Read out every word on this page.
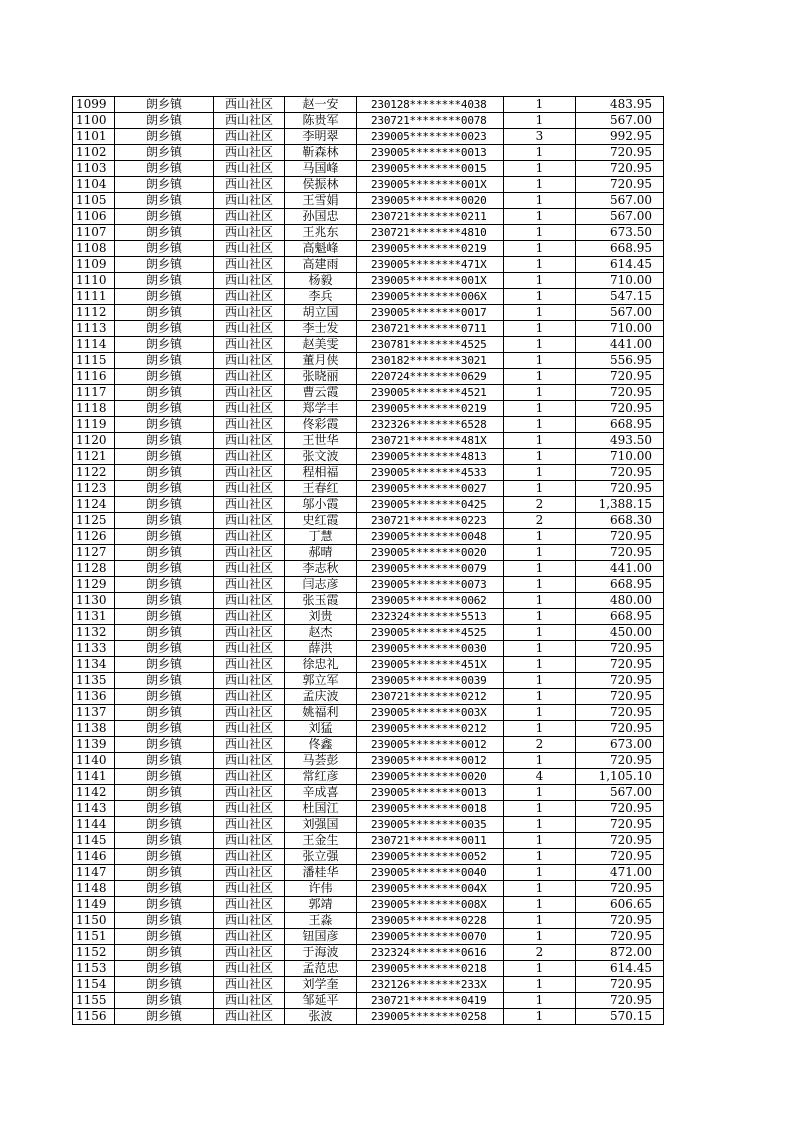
1099	朗乡镇	西山社区	赵一安	230128********4038	1	483.95
1100	朗乡镇	西山社区	陈贵军	230721********0078	1	567.00
1101	朗乡镇	西山社区	李明翠	239005********0023	3	992.95
1102	朗乡镇	西山社区	靳森林	239005********0013	1	720.95
1103	朗乡镇	西山社区	马国峰	239005********0015	1	720.95
1104	朗乡镇	西山社区	侯振林	239005********001X	1	720.95
1105	朗乡镇	西山社区	王雪娟	239005********0020	1	567.00
1106	朗乡镇	西山社区	孙国忠	230721********0211	1	567.00
1107	朗乡镇	西山社区	王兆东	230721********4810	1	673.50
1108	朗乡镇	西山社区	高魁峰	239005********0219	1	668.95
1109	朗乡镇	西山社区	高建雨	239005********471X	1	614.45
1110	朗乡镇	西山社区	杨毅	239005********001X	1	710.00
1111	朗乡镇	西山社区	李兵	239005********006X	1	547.15
1112	朗乡镇	西山社区	胡立国	239005********0017	1	567.00
1113	朗乡镇	西山社区	李士发	230721********0711	1	710.00
1114	朗乡镇	西山社区	赵美雯	230781********4525	1	441.00
1115	朗乡镇	西山社区	董月侠	230182********3021	1	556.95
1116	朗乡镇	西山社区	张晓丽	220724********0629	1	720.95
1117	朗乡镇	西山社区	曹云霞	239005********4521	1	720.95
1118	朗乡镇	西山社区	郑学丰	239005********0219	1	720.95
1119	朗乡镇	西山社区	佟彩霞	232326********6528	1	668.95
1120	朗乡镇	西山社区	王世华	230721********481X	1	493.50
1121	朗乡镇	西山社区	张文波	239005********4813	1	710.00
1122	朗乡镇	西山社区	程相福	239005********4533	1	720.95
1123	朗乡镇	西山社区	王春红	239005********0027	1	720.95
1124	朗乡镇	西山社区	邬小霞	239005********0425	2	1,388.15
1125	朗乡镇	西山社区	史红霞	230721********0223	2	668.30
1126	朗乡镇	西山社区	丁慧	239005********0048	1	720.95
1127	朗乡镇	西山社区	郝晴	239005********0020	1	720.95
1128	朗乡镇	西山社区	李志秋	239005********0079	1	441.00
1129	朗乡镇	西山社区	闫志彦	239005********0073	1	668.95
1130	朗乡镇	西山社区	张玉霞	239005********0062	1	480.00
1131	朗乡镇	西山社区	刘贵	232324********5513	1	668.95
1132	朗乡镇	西山社区	赵杰	239005********4525	1	450.00
1133	朗乡镇	西山社区	薛洪	239005********0030	1	720.95
1134	朗乡镇	西山社区	徐忠礼	239005********451X	1	720.95
1135	朗乡镇	西山社区	郭立军	239005********0039	1	720.95
1136	朗乡镇	西山社区	孟庆波	230721********0212	1	720.95
1137	朗乡镇	西山社区	姚福利	239005********003X	1	720.95
1138	朗乡镇	西山社区	刘猛	239005********0212	1	720.95
1139	朗乡镇	西山社区	佟鑫	239005********0012	2	673.00
1140	朗乡镇	西山社区	马荟彭	239005********0012	1	720.95
1141	朗乡镇	西山社区	常红彦	239005********0020	4	1,105.10
1142	朗乡镇	西山社区	辛成喜	239005********0013	1	567.00
1143	朗乡镇	西山社区	杜国江	239005********0018	1	720.95
1144	朗乡镇	西山社区	刘强国	239005********0035	1	720.95
1145	朗乡镇	西山社区	王金生	230721********0011	1	720.95
1146	朗乡镇	西山社区	张立强	239005********0052	1	720.95
1147	朗乡镇	西山社区	潘桂华	239005********0040	1	471.00
1148	朗乡镇	西山社区	许伟	239005********004X	1	720.95
1149	朗乡镇	西山社区	郭靖	239005********008X	1	606.65
1150	朗乡镇	西山社区	王淼	239005********0228	1	720.95
1151	朗乡镇	西山社区	钮国彦	239005********0070	1	720.95
1152	朗乡镇	西山社区	于海波	232324********0616	2	872.00
1153	朗乡镇	西山社区	孟范忠	239005********0218	1	614.45
1154	朗乡镇	西山社区	刘学奎	232126********233X	1	720.95
1155	朗乡镇	西山社区	邹延平	230721********0419	1	720.95
1156	朗乡镇	西山社区	张波	239005********0258	1	570.15
